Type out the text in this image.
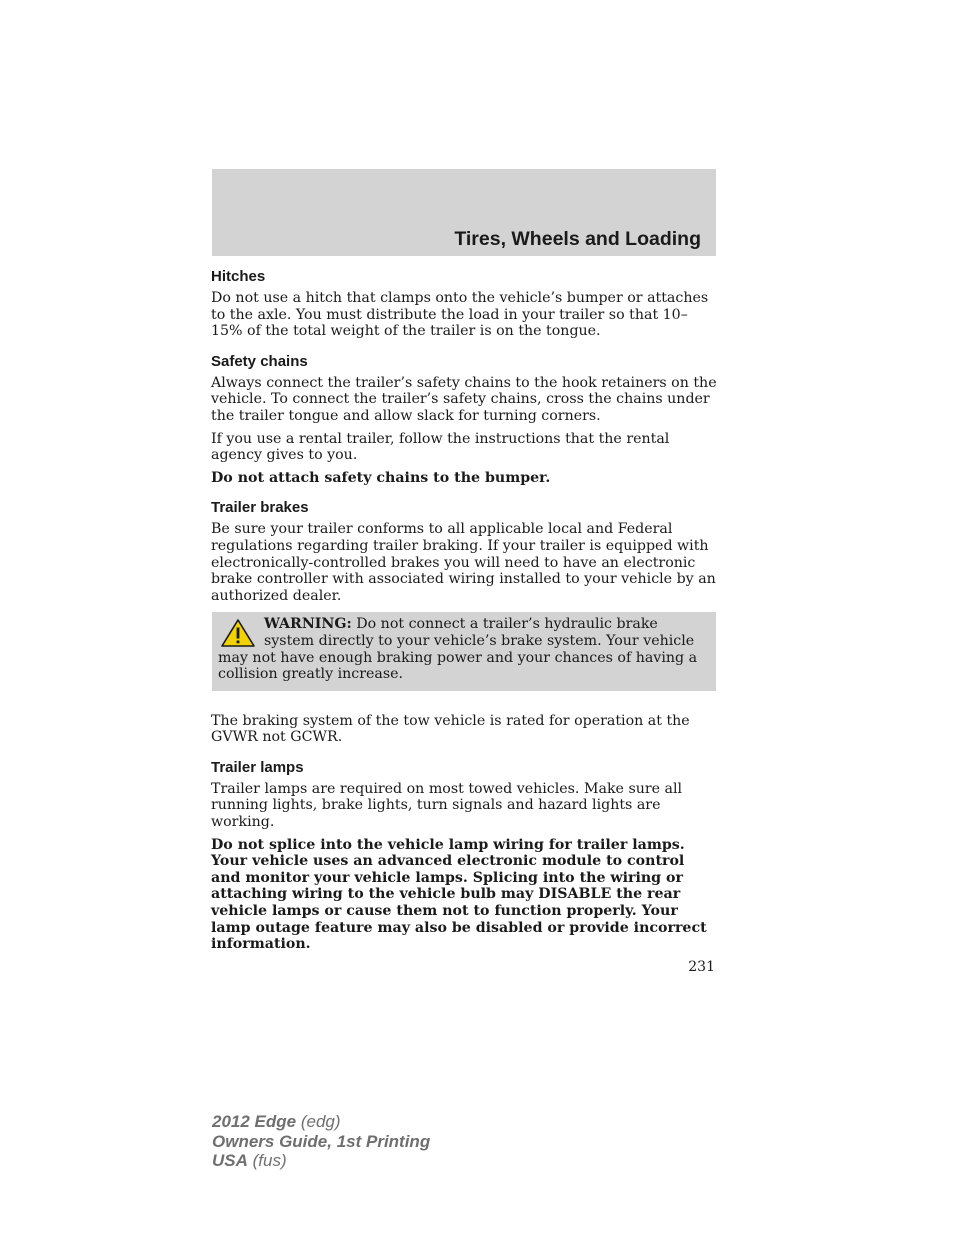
Tires, Wheels and Loading
Hitches

Do not use a hitch that clamps onto the vehicle’s bumper or attaches to the axle. You must distribute the load in your trailer so that 10–15% of the total weight of the trailer is on the tongue.

Safety chains

Always connect the trailer’s safety chains to the hook retainers on the vehicle. To connect the trailer’s safety chains, cross the chains under the trailer tongue and allow slack for turning corners.

If you use a rental trailer, follow the instructions that the rental agency gives to you.

Do not attach safety chains to the bumper.

Trailer brakes

Be sure your trailer conforms to all applicable local and Federal regulations regarding trailer braking. If your trailer is equipped with electronically-controlled brakes you will need to have an electronic brake controller with associated wiring installed to your vehicle by an authorized dealer.

WARNING: Do not connect a trailer’s hydraulic brake system directly to your vehicle’s brake system. Your vehicle may not have enough braking power and your chances of having a collision greatly increase.

The braking system of the tow vehicle is rated for operation at the GVWR not GCWR.

Trailer lamps

Trailer lamps are required on most towed vehicles. Make sure all running lights, brake lights, turn signals and hazard lights are working.

Do not splice into the vehicle lamp wiring for trailer lamps. Your vehicle uses an advanced electronic module to control and monitor your vehicle lamps. Splicing into the wiring or attaching wiring to the vehicle bulb may DISABLE the rear vehicle lamps or cause them not to function properly. Your lamp outage feature may also be disabled or provide incorrect information.

231
2012 Edge (edg)
Owners Guide, 1st Printing
USA (fus)
